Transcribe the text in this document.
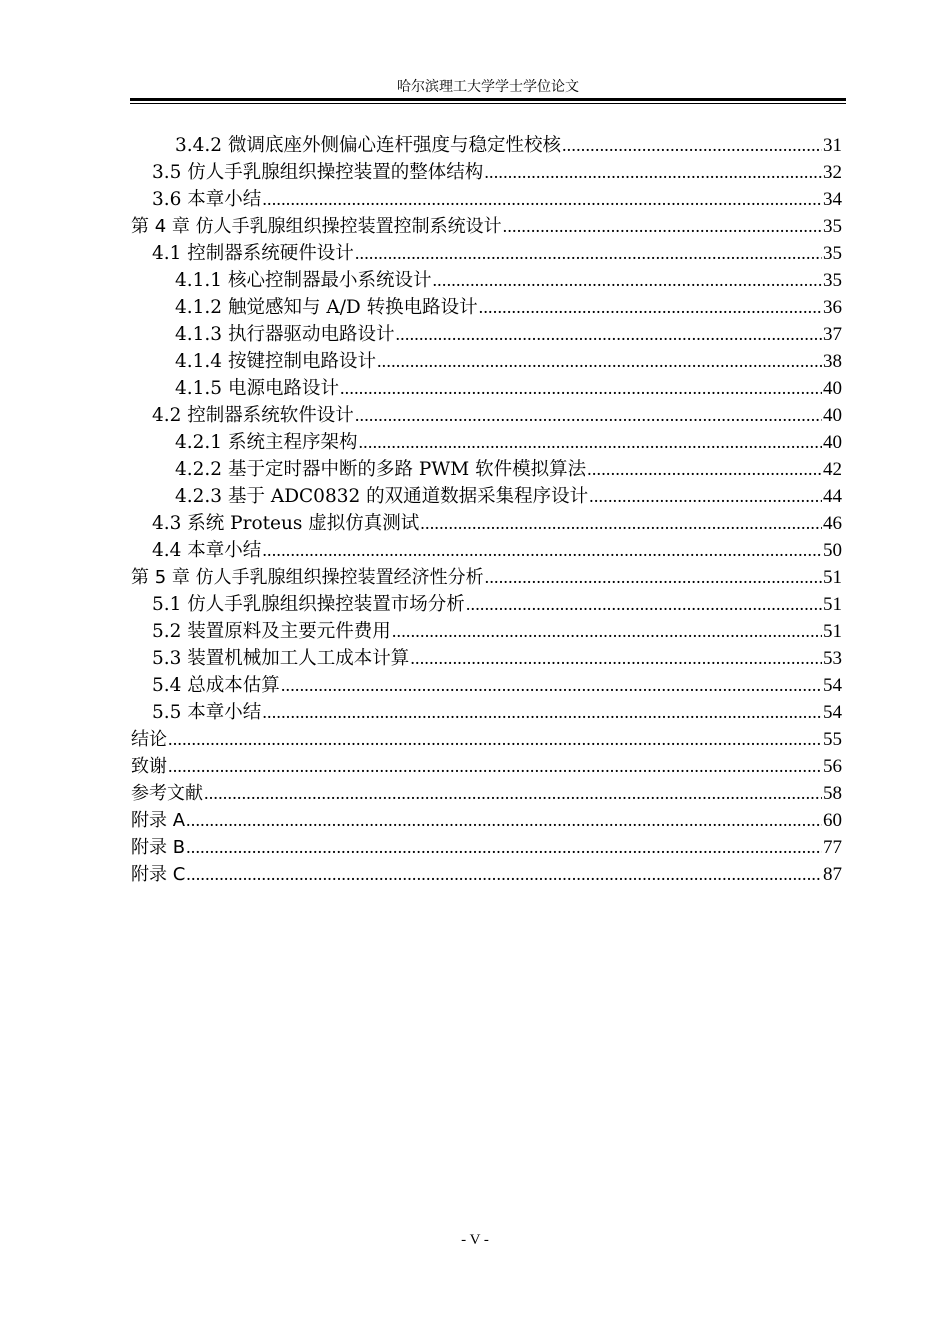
哈尔滨理工大学学士学位论文
3.4.2 微调底座外侧偏心连杆强度与稳定性校核 .....	31
3.5 仿人手乳腺组织操控装置的整体结构 .....	32
3.6 本章小结 .....	34
第 4 章 仿人手乳腺组织操控装置控制系统设计 .....	35
4.1 控制器系统硬件设计 .....	35
4.1.1 核心控制器最小系统设计 .....	35
4.1.2 触觉感知与 A/D 转换电路设计 .....	36
4.1.3 执行器驱动电路设计 .....	37
4.1.4 按键控制电路设计 .....	38
4.1.5 电源电路设计 .....	40
4.2 控制器系统软件设计 .....	40
4.2.1 系统主程序架构 .....	40
4.2.2 基于定时器中断的多路 PWM 软件模拟算法 .....	42
4.2.3 基于 ADC0832 的双通道数据采集程序设计 .....	44
4.3 系统 Proteus 虚拟仿真测试 .....	46
4.4 本章小结 .....	50
第 5 章 仿人手乳腺组织操控装置经济性分析 .....	51
5.1 仿人手乳腺组织操控装置市场分析 .....	51
5.2 装置原料及主要元件费用 .....	51
5.3 装置机械加工人工成本计算 .....	53
5.4 总成本估算 .....	54
5.5 本章小结 .....	54
结论 .....	55
致谢 .....	56
参考文献 .....	58
附录 A .....	60
附录 B .....	77
附录 C .....	87
- V -
